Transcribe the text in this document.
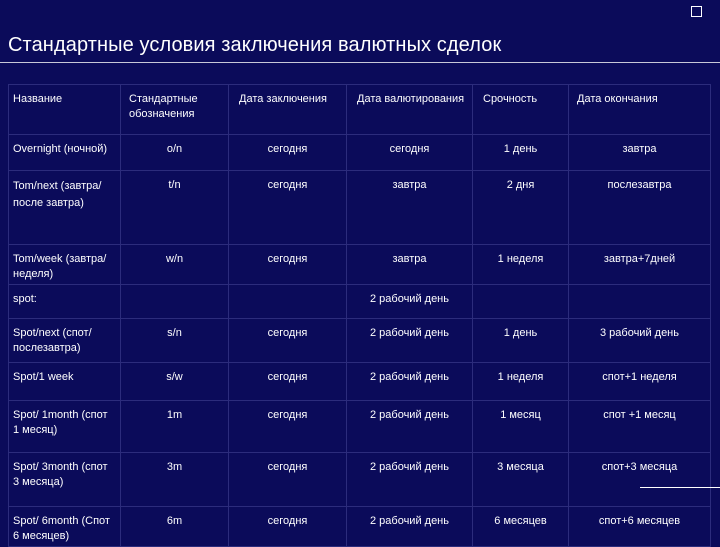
Стандартные условия заключения валютных сделок
Название	Стандартные обозначения	Дата заключения	Дата валютирования	Срочность	Дата окончания
Overnight (ночной)	o/n	сегодня	сегодня	1 день	завтра
Tom/next (завтра/после завтра)	t/n	сегодня	завтра	2 дня	послезавтра
Tom/week (завтра/неделя)	w/n	сегодня	завтра	1 неделя	завтра+7дней
spot:			2 рабочий день		
Spot/next (спот/ послезавтра)	s/n	сегодня	2 рабочий день	1 день	3 рабочий день
Spot/1 week	s/w	сегодня	2 рабочий день	1 неделя	спот+1 неделя
Spot/ 1month (спот 1 месяц)	1m	сегодня	2 рабочий день	1 месяц	спот +1 месяц
Spot/ 3month (спот 3 месяца)	3m	сегодня	2 рабочий день	3 месяца	спот+3 месяца
Spot/ 6month (Спот 6 месяцев)	6m	сегодня	2 рабочий день	6 месяцев	спот+6 месяцев
